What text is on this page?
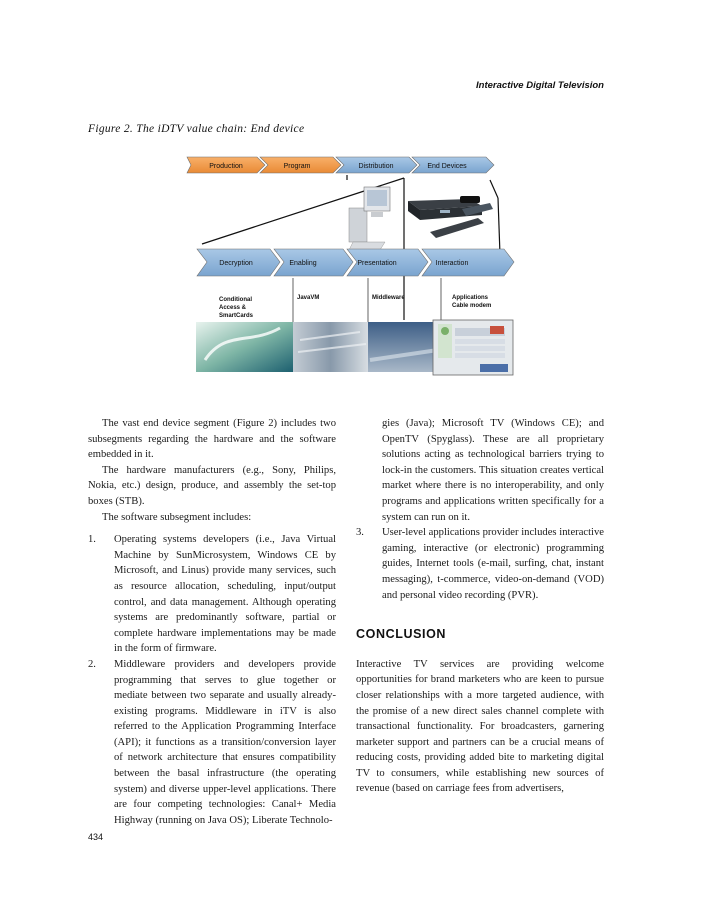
Interactive Digital Television
Figure 2. The iDTV value chain: End device
Production	Program	Distribution	End Devices
Decryption	Enabling	Presentation	Interaction
Conditional
Access &
SmartCards
JavaVM	Middleware	Applications
Cable modem

The vast end device segment (Figure 2) includes two subsegments regarding the hardware and the software embedded in it.

The hardware manufacturers (e.g., Sony, Philips, Nokia, etc.) design, produce, and assembly the set-top boxes (STB).

The software subsegment includes:

1. Operating systems developers (i.e., Java Virtual Machine by SunMicrosystem, Windows CE by Microsoft, and Linus) provide many services, such as resource allocation, scheduling, input/output control, and data management. Although operating systems are predominantly software, partial or complete hardware implementations may be made in the form of firmware.
2. Middleware providers and developers provide programming that serves to glue together or mediate between two separate and usually already-existing programs. Middleware in iTV is also referred to the Application Programming Interface (API); it functions as a transition/conversion layer of network architecture that ensures compatibility between the basal infrastructure (the operating system) and diverse upper-level applications. There are four competing technologies: Canal+ Media Highway (running on Java OS); Liberate Technolo-

gies (Java); Microsoft TV (Windows CE); and OpenTV (Spyglass). These are all proprietary solutions acting as technological barriers trying to lock-in the customers. This situation creates vertical market where there is no interoperability, and only programs and applications written specifically for a system can run on it.

3. User-level applications provider includes interactive gaming, interactive (or electronic) programming guides, Internet tools (e-mail, surfing, chat, instant messaging), t-commerce, video-on-demand (VOD) and personal video recording (PVR).
CONCLUSION

Interactive TV services are providing welcome opportunities for brand marketers who are keen to pursue closer relationships with a more targeted audience, with the promise of a new direct sales channel complete with transactional functionality. For broadcasters, garnering marketer support and partners can be a crucial means of reducing costs, providing added bite to marketing digital TV to consumers, while establishing new sources of revenue (based on carriage fees from advertisers,

434
